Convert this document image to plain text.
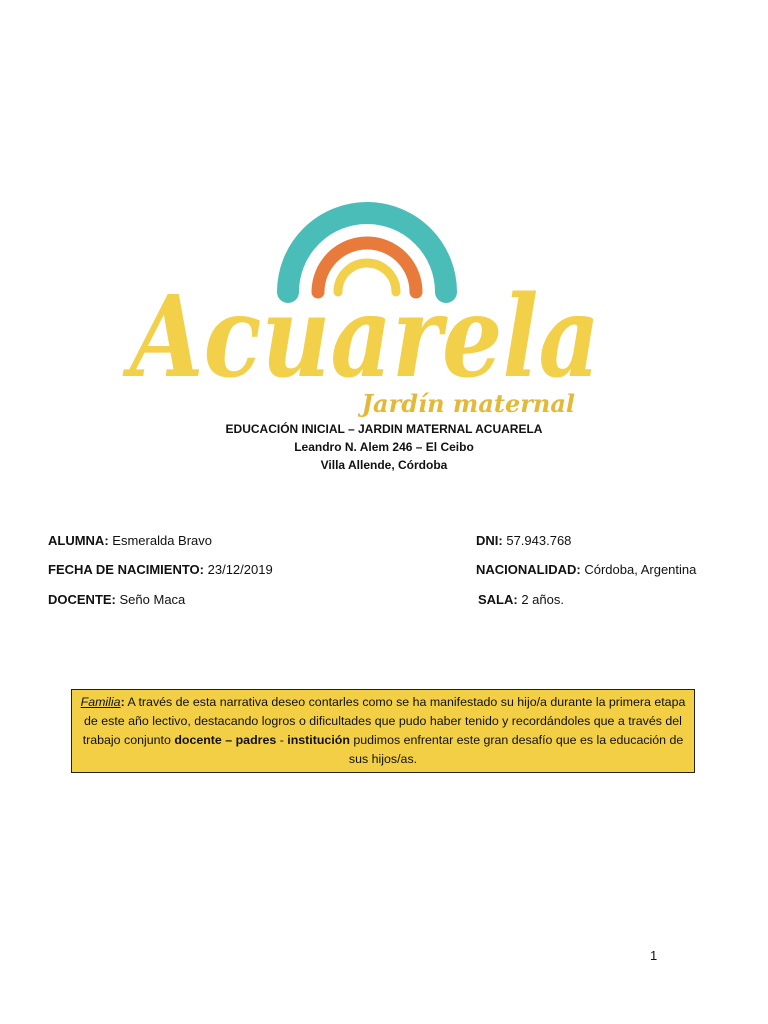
Acuarela
Jardín maternal
EDUCACIÓN INICIAL – JARDIN MATERNAL ACUARELA
Leandro N. Alem 246 – El Ceibo
Villa Allende, Córdoba
ALUMNA: Esmeralda Bravo	DNI: 57.943.768
FECHA DE NACIMIENTO: 23/12/2019	NACIONALIDAD: Córdoba, Argentina
DOCENTE: Seño Maca	SALA: 2 años.
Familia: A través de esta narrativa deseo contarles como se ha manifestado su hijo/a durante la primera etapa de este año lectivo, destacando logros o dificultades que pudo haber tenido y recordándoles que a través del trabajo conjunto docente – padres - institución pudimos enfrentar este gran desafío que es la educación de sus hijos/as.
1
